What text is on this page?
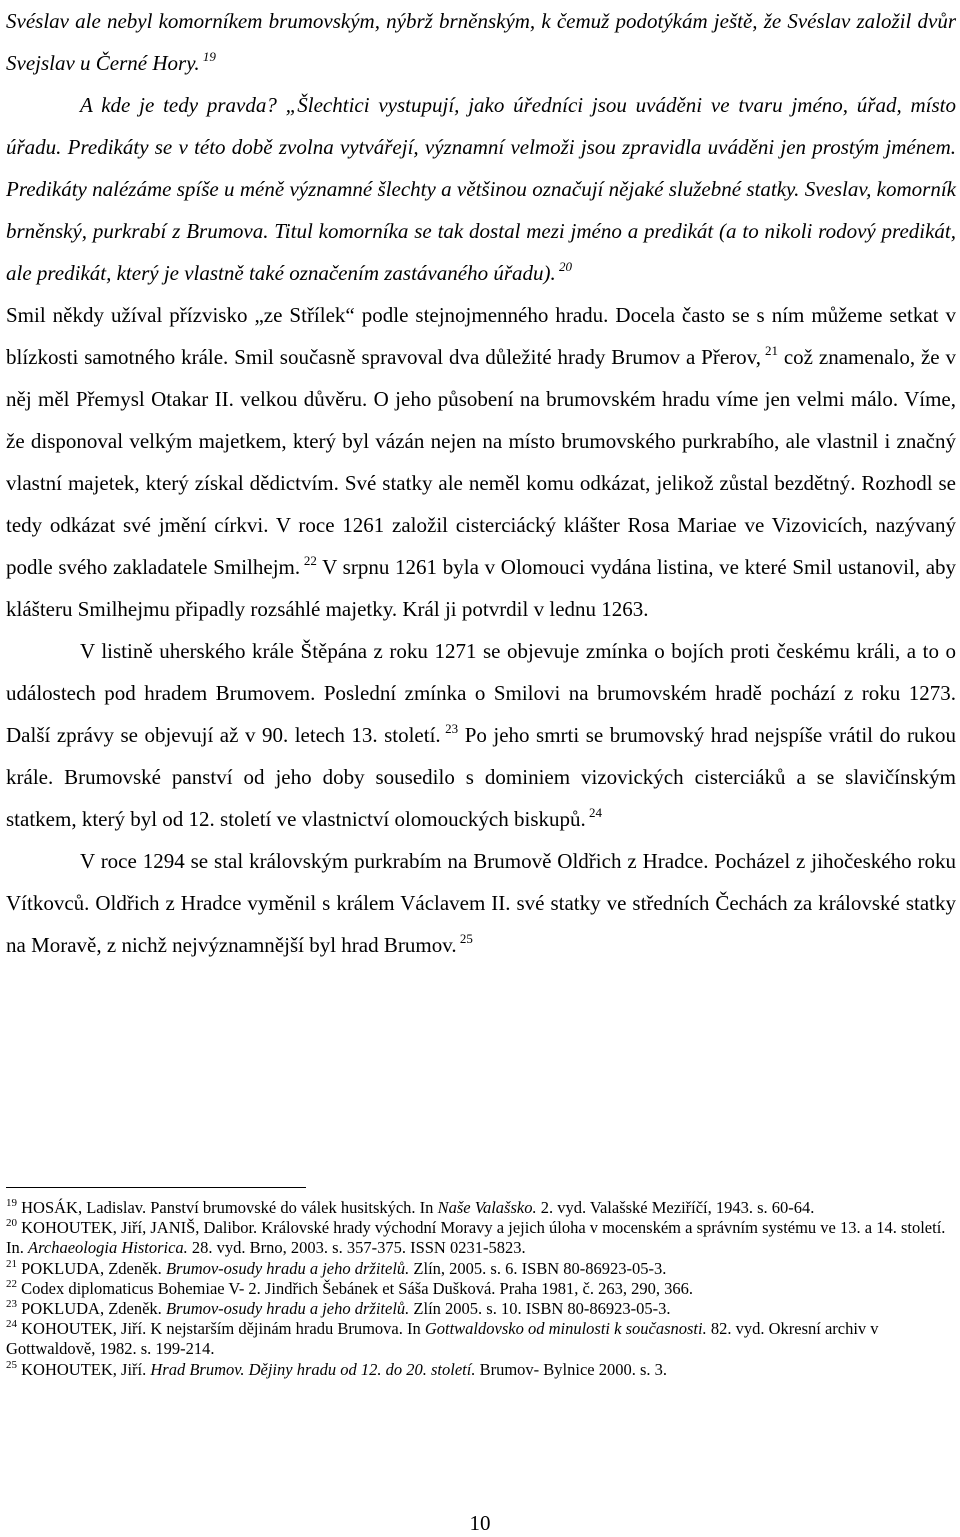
Svéslav ale nebyl komorníkem brumovským, nýbrž brněnským, k čemuž podotýkám ještě, že Svéslav založil dvůr Svejslav u Černé Hory. $^{19}$

A kde je tedy pravda? „Šlechtici vystupují, jako úředníci jsou uváděni ve tvaru jméno, úřad, místo úřadu. Predikáty se v této době zvolna vytvářejí, významní velmoži jsou zpravidla uváděni jen prostým jménem. Predikáty nalézáme spíše u méně významné šlechty a většinou označují nějaké služebné statky. Sveslav, komorník brněnský, purkrabí z Brumova. Titul komorníka se tak dostal mezi jméno a predikát (a to nikoli rodový predikát, ale predikát, který je vlastně také označením zastávaného úřadu). $^{20}$

Smil někdy užíval přízvisko „ze Střílek“ podle stejnojmenného hradu. Docela často se s ním můžeme setkat v blízkosti samotného krále. Smil současně spravoval dva důležité hrady Brumov a Přerov, $^{21}$ což znamenalo, že v něj měl Přemysl Otakar II. velkou důvěru. O jeho působení na brumovském hradu víme jen velmi málo. Víme, že disponoval velkým majetkem, který byl vázán nejen na místo brumovského purkrabího, ale vlastnil i značný vlastní majetek, který získal dědictvím. Své statky ale neměl komu odkázat, jelikož zůstal bezdětný. Rozhodl se tedy odkázat své jmění církvi. V roce 1261 založil cisterciácký klášter Rosa Mariae ve Vizovicích, nazývaný podle svého zakladatele Smilhejm. $^{22}$ V srpnu 1261 byla v Olomouci vydána listina, ve které Smil ustanovil, aby klášteru Smilhejmu připadly rozsáhlé majetky. Král ji potvrdil v lednu 1263.

V listině uherského krále Štěpána z roku 1271 se objevuje zmínka o bojích proti českému králi, a to o událostech pod hradem Brumovem. Poslední zmínka o Smilovi na brumovském hradě pochází z roku 1273. Další zprávy se objevují až v 90. letech 13. století. $^{23}$ Po jeho smrti se brumovský hrad nejspíše vrátil do rukou krále. Brumovské panství od jeho doby sousedilo s dominiem vizovických cisterciáků a se slavičínským statkem, který byl od 12. století ve vlastnictví olomouckých biskupů. $^{24}$

V roce 1294 se stal královským purkrabím na Brumově Oldřich z Hradce. Pocházel z jihočeského roku Vítkovců. Oldřich z Hradce vyměnil s králem Václavem II. své statky ve středních Čechách za královské statky na Moravě, z nichž nejvýznamnější byl hrad Brumov. $^{25}$

$^{19}$ HOSÁK, Ladislav. Panství brumovské do válek husitských. In Naše Valašsko. 2. vyd. Valašské Meziříčí, 1943. s. 60-64.

$^{20}$ KOHOUTEK, Jiří, JANIŠ, Dalibor. Královské hrady východní Moravy a jejich úloha v mocenském a správním systému ve 13. a 14. století. In. Archaeologia Historica. 28. vyd. Brno, 2003. s. 357-375. ISSN 0231-5823.

$^{21}$ POKLUDA, Zdeněk. Brumov-osudy hradu a jeho držitelů. Zlín, 2005. s. 6. ISBN 80-86923-05-3.

$^{22}$ Codex diplomaticus Bohemiae V- 2. Jindřich Šebánek et Sáša Dušková. Praha 1981, č. 263, 290, 366.

$^{23}$ POKLUDA, Zdeněk. Brumov-osudy hradu a jeho držitelů. Zlín 2005. s. 10. ISBN 80-86923-05-3.

$^{24}$ KOHOUTEK, Jiří. K nejstarším dějinám hradu Brumova. In Gottwaldovsko od minulosti k současnosti. 82. vyd. Okresní archiv v Gottwaldově, 1982. s. 199-214.

$^{25}$ KOHOUTEK, Jiří. Hrad Brumov. Dějiny hradu od 12. do 20. století. Brumov- Bylnice 2000. s. 3.

10
